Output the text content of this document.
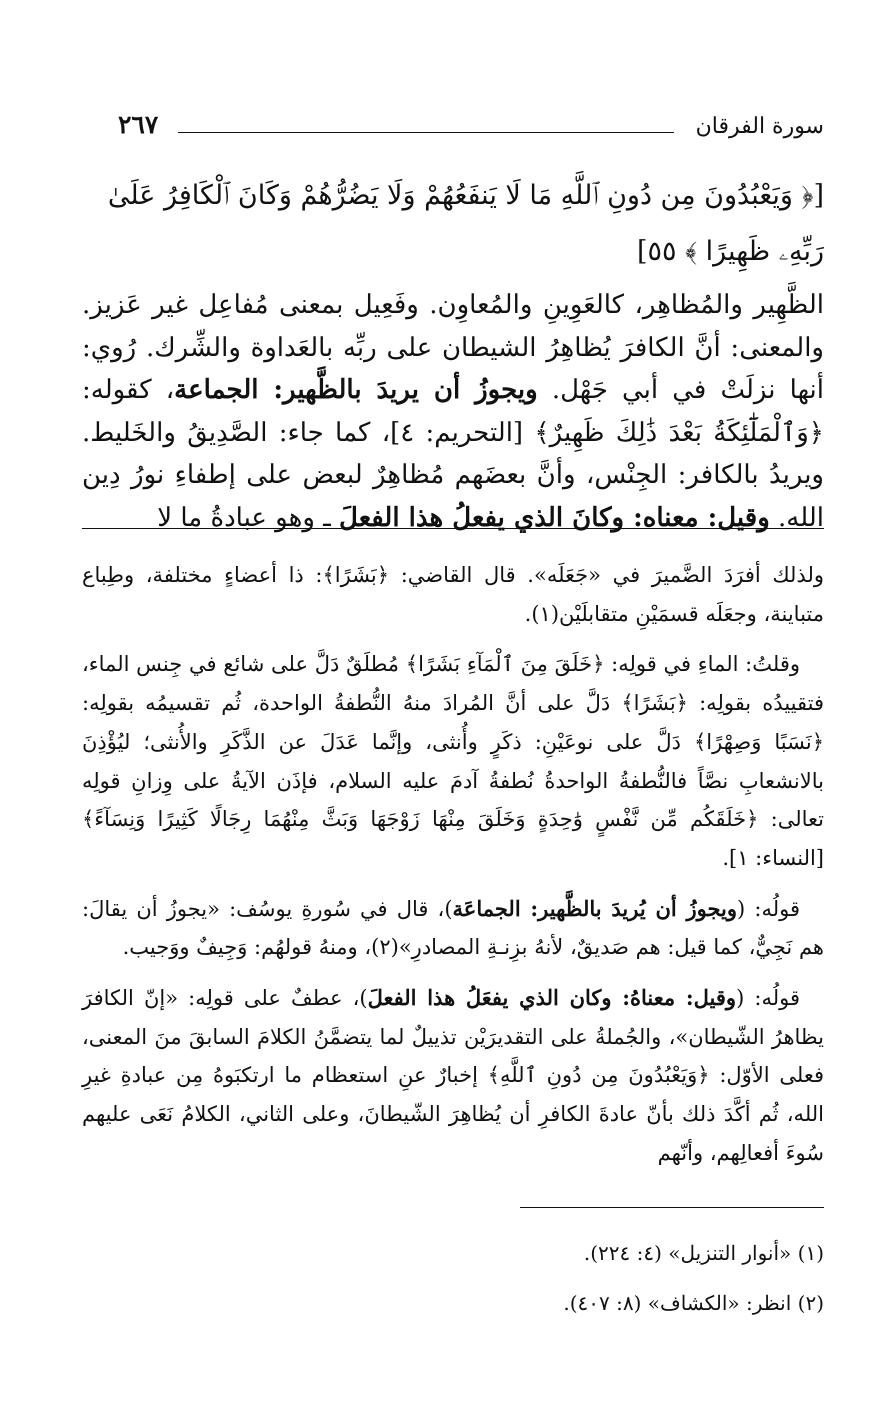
سورة الفرقان
٢٦٧
[﴿ وَيَعْبُدُونَ مِن دُونِ ٱللَّهِ مَا لَا يَنفَعُهُمْ وَلَا يَضُرُّهُمْ وَكَانَ ٱلْكَافِرُ عَلَىٰ رَبِّهِۦ ظَهِيرًا ﴾ ٥٥]

الظَّهِير والمُظاهِر، كالعَوِينِ والمُعاوِن. وفَعِيل بمعنى مُفاعِل غير عَزيز. والمعنى: أنَّ الكافرَ يُظاهِرُ الشيطان على ربِّه بالعَداوة والشِّرك. رُوي: أنها نزلَتْ في أبي جَهْل. ويجوزُ أن يريدَ بالظَّهير: الجماعة، كقوله: ﴿وَٱلْمَلَٰٓئِكَةُ بَعْدَ ذَٰلِكَ ظَهِيرٌ﴾ [التحريم: ٤]، كما جاء: الصَّدِيقُ والخَليط. ويريدُ بالكافر: الجِنْس، وأنَّ بعضَهم مُظاهِرٌ لبعض على إطفاءِ نورُ دِين الله. وقيل: معناه: وكانَ الذي يفعلُ هذا الفعلَ ـ وهو عبادةُ ما لا

ولذلك أفرَدَ الضَّميرَ في «جَعَلَه». قال القاضي: ﴿بَشَرًا﴾: ذا أعضاءٍ مختلفة، وطِباع متباينة، وجعَلَه قسمَيْنِ متقابلَيْن(١).

وقلتُ: الماءِ في قولِه: ﴿خَلَقَ مِنَ ٱلْمَآءِ بَشَرًا﴾ مُطلَقٌ دَلَّ على شائع في جِنس الماء، فتقييدُه بقولِه: ﴿بَشَرًا﴾ دَلَّ على أنَّ المُرادَ منهُ النُّطفةُ الواحدة، ثُم تقسيمُه بقولِه: ﴿نَسَبًا وَصِهْرًا﴾ دَلَّ على نوعَيْنِ: ذكَرٍ وأُنثى، وإنَّما عَدَلَ عن الذَّكَرِ والأُنثى؛ ليُؤْذِنَ بالانشعابِ نصَّاً فالنُّطفةُ الواحدةُ نُطفةُ آدمَ عليه السلام، فإذَن الآيةُ على وِزانِ قولِه تعالى: ﴿خَلَقَكُم مِّن نَّفْسٍ وَٰحِدَةٍ وَخَلَقَ مِنْهَا زَوْجَهَا وَبَثَّ مِنْهُمَا رِجَالًا كَثِيرًا وَنِسَآءً﴾ [النساء: ١].

قولُه: (ويجوزُ أن يُريدَ بالظَّهير: الجماعَة)، قال في سُورةِ يوسُف: «يجوزُ أن يقالَ: هم نَجِيٌّ، كما قيل: هم صَديقٌ، لأنهُ بزِنـةِ المصادرِ»(٢)، ومنهُ قولهُم: وَجِيفٌ ووَجيب.

قولُه: (وقيل: معناهُ: وكان الذي يفعَلُ هذا الفعلَ)، عطفٌ على قولِه: «إنّ الكافرَ يظاهرُ الشّيطان»، والجُملةُ على التقديرَيْن تذييلٌ لما يتضمَّنُ الكلامَ السابقَ منَ المعنى، فعلى الأوّل: ﴿وَيَعْبُدُونَ مِن دُونِ ٱللَّهِ﴾ إخبارٌ عنِ استعظام ما ارتكبَوهُ مِن عبادةِ غيرِ الله، ثُم أكَّدَ ذلك بأنّ عادةَ الكافرِ أن يُظاهِرَ الشّيطانَ، وعلى الثاني، الكلامُ نَعَى عليهم سُوءَ أفعالِهم، وأنّهم

(١) «أنوار التنزيل» (٤: ٢٢٤).

(٢) انظر: «الكشاف» (٨: ٤٠٧).
